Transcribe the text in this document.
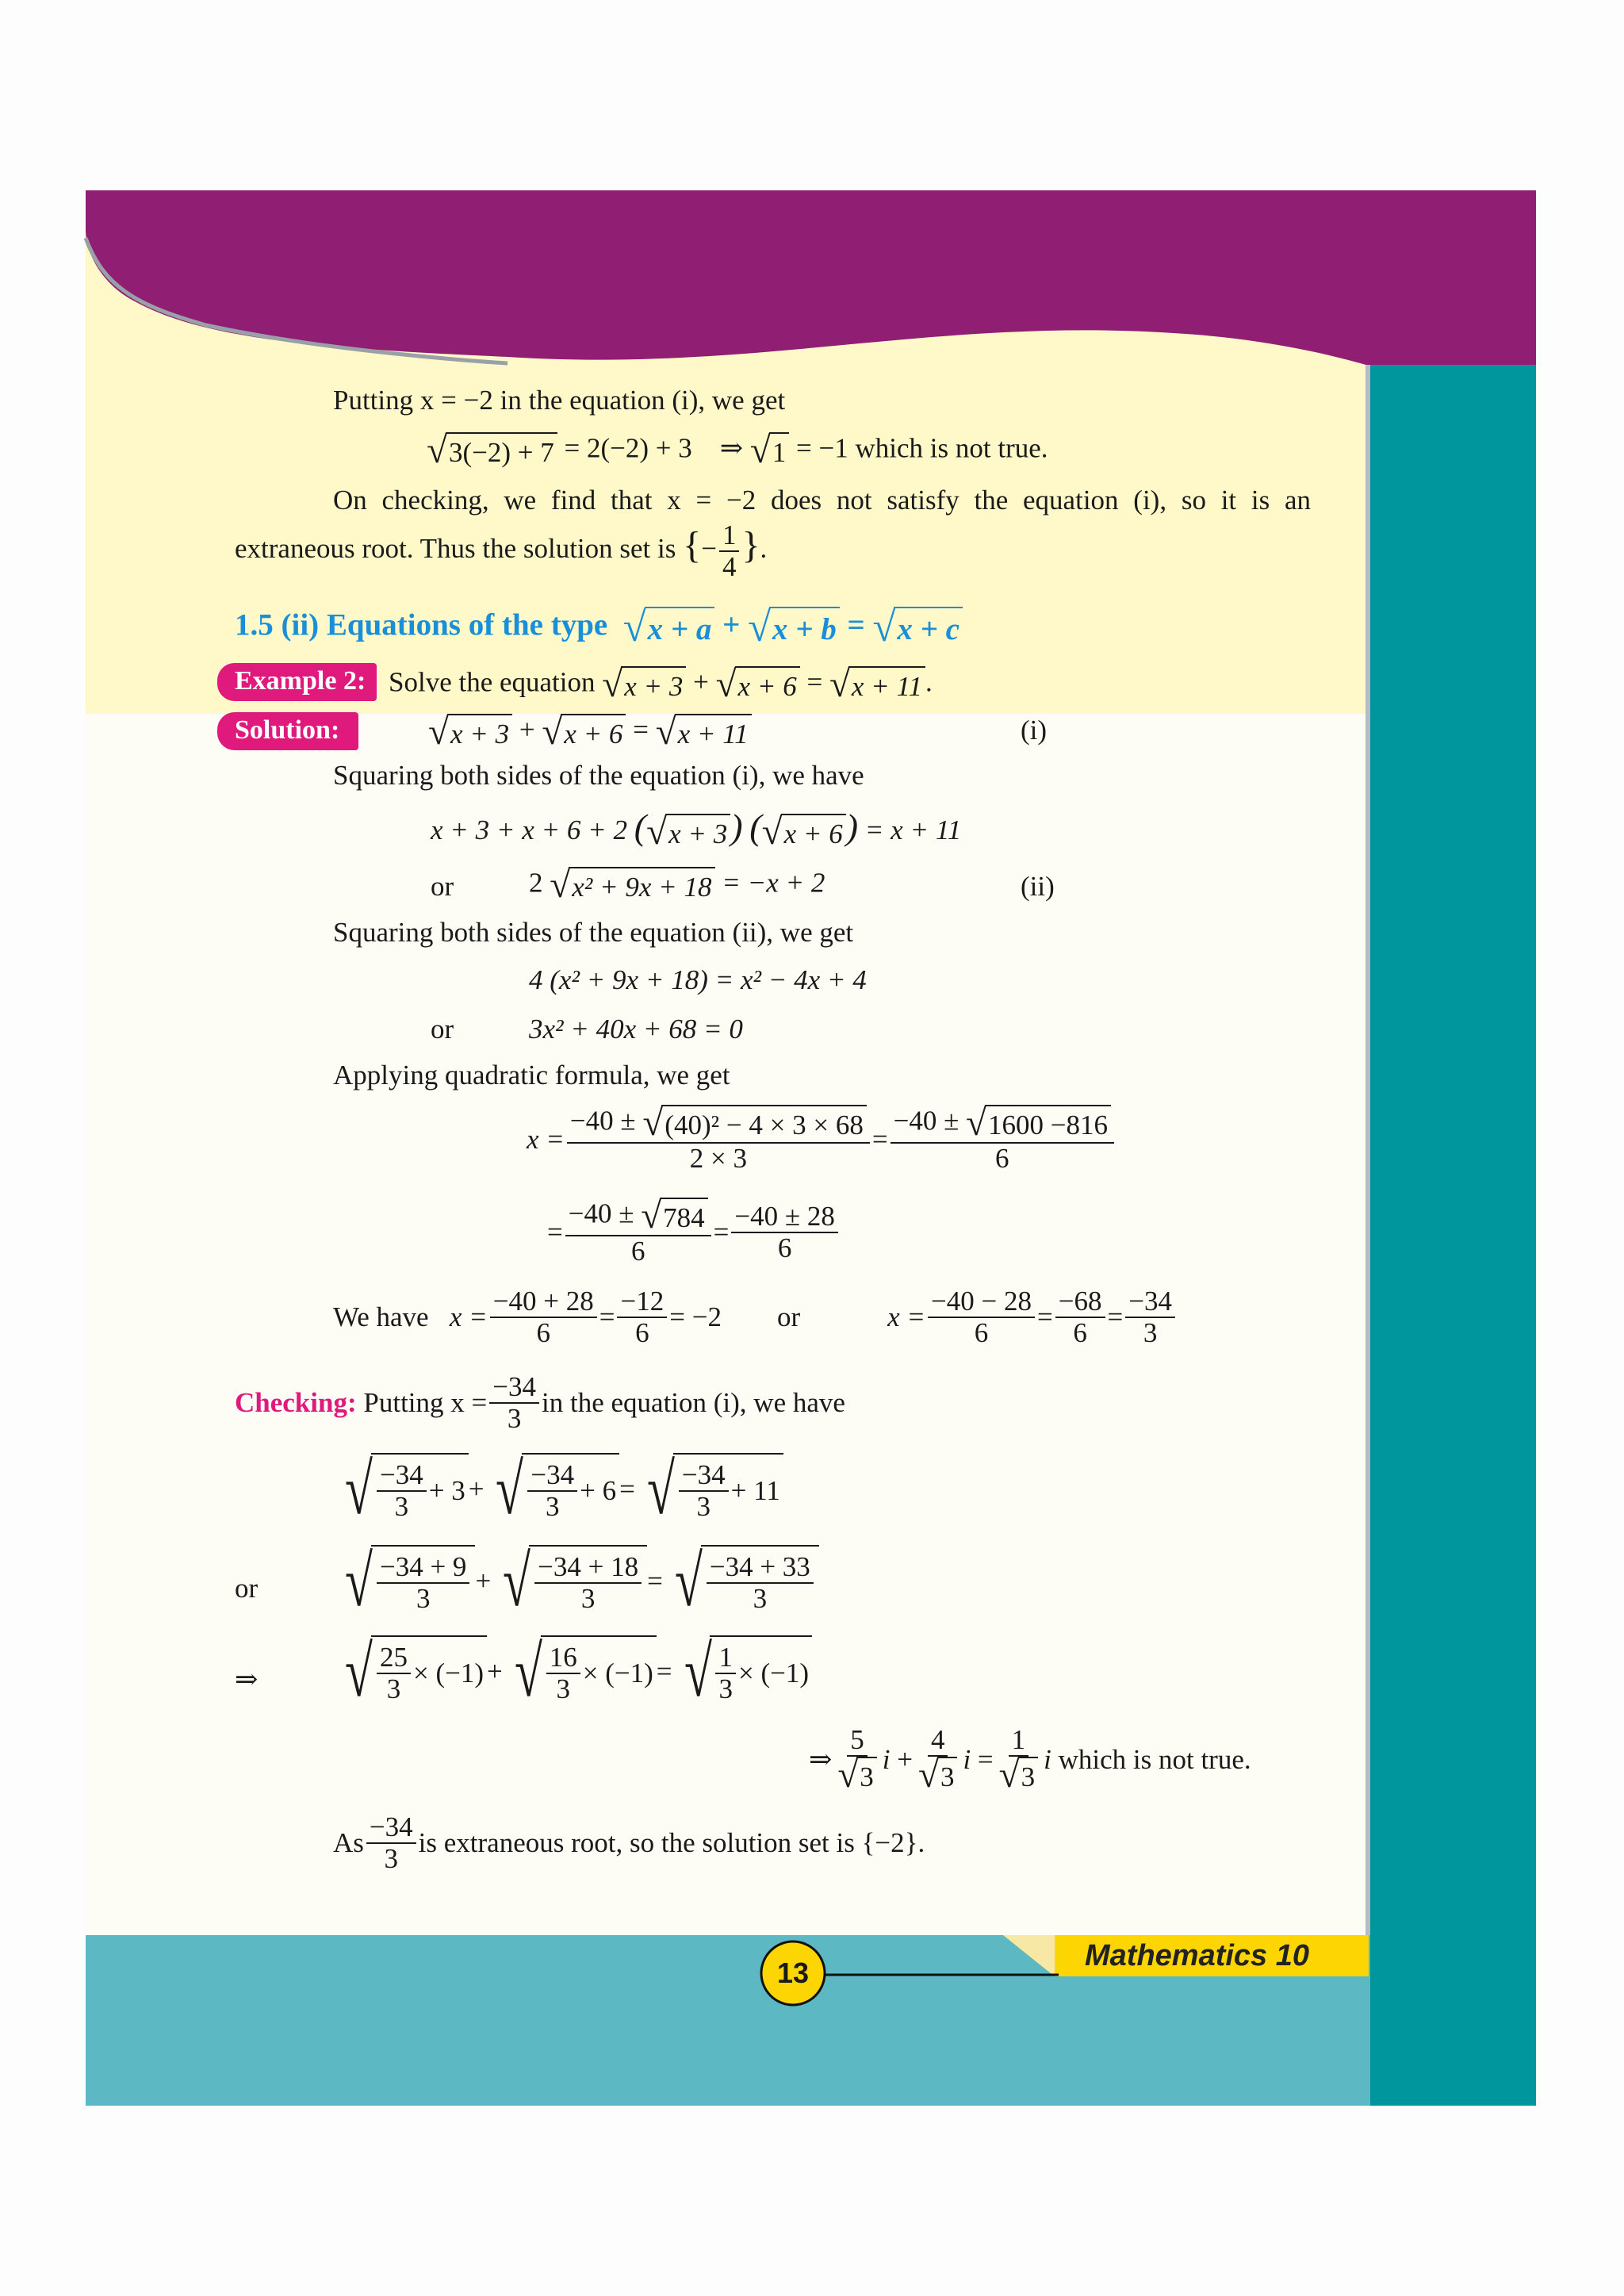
Putting x = −2 in the equation (i), we get
√ 3(−2) + 7 = 2(−2) + 3 ⇒ √ 1 = −1 which is not true.
On checking, we find that x = −2 does not satisfy the equation (i), so it is an
extraneous root. Thus the solution set is {− $\frac{1}{4}$ }.
1.5 (ii) Equations of the type √ x + a + √ x + b = √ x + c
Example 2: Solve the equation √ x + 3 + √ x + 6 = √ x + 11 .
Solution:	√ x + 3 + √ x + 6 = √ x + 11	(i)
Squaring both sides of the equation (i), we have
x + 3 + x + 6 + 2 ( √ x + 3 ) ( √ x + 6 ) = x + 11
or	2 √ x² + 9x + 18 = −x + 2	(ii)
Squaring both sides of the equation (ii), we get
4 (x² + 9x + 18) = x² − 4x + 4
or	3x² + 40x + 68 = 0
Applying quadratic formula, we get
$x = \frac{\text{−40 ± √ (40)² − 4 × 3 × 68}}{2 \times 3} = \frac{-40 \pm √ 1600 -816}{6}$
= $\frac{-40 \pm √ 784}{6} = \frac{-40 \pm 28}{6}$
We have
$x = \frac{-40 + 28}{6} = \frac{-12}{6} = -2$ or	$x = \frac{-40 - 28}{6} = \frac{-68}{6} = \frac{-34}{3}$
Checking:
Putting $x = \frac{-34}{3}$ in the equation (i), we have
√ $\frac{-34}{3} + 3$ + √ $\frac{-34}{3} + 6$ = √ $\frac{-34}{3} + 11$
or √ $\frac{-34 + 9}{3}$ + √ $\frac{-34 + 18}{3}$ = √ $\frac{-34 + 33}{3}$
⇒ √ $\frac{25}{3} \times (-1)$ + √ $\frac{16}{3} \times (-1)$ = √ $\frac{1}{3} \times (-1)$
⇒ $\frac{5}{√ 3}$ i
+ $\frac{4}{√ 3}$ i
= $\frac{1}{√ 3}$ i
which is not true.
As $\frac{-34}{3}$ is extraneous root, so the solution set is {−2}.
13
Mathematics 10
